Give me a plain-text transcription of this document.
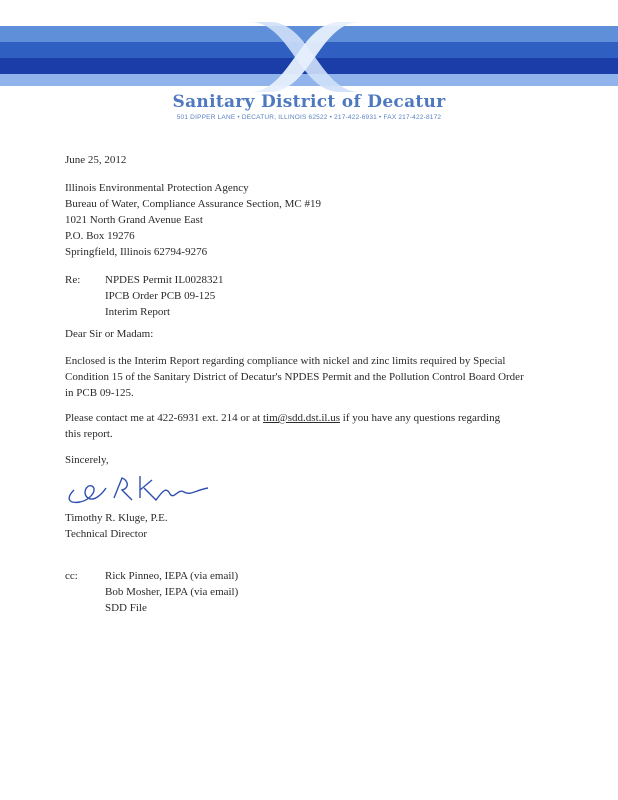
Sanitary District of Decatur
501 DIPPER LANE • DECATUR, ILLINOIS 62522 • 217-422-6931 • FAX 217-422-8172
June 25, 2012
Illinois Environmental Protection Agency
Bureau of Water, Compliance Assurance Section, MC #19
1021 North Grand Avenue East
P.O. Box 19276
Springfield, Illinois 62794-9276
Re: NPDES Permit IL0028321
IPCB Order PCB 09-125
Interim Report
Dear Sir or Madam:
Enclosed is the Interim Report regarding compliance with nickel and zinc limits required by Special Condition 15 of the Sanitary District of Decatur's NPDES Permit and the Pollution Control Board Order in PCB 09-125.
Please contact me at 422-6931 ext. 214 or at tim@sdd.dst.il.us if you have any questions regarding this report.
Sincerely,
Timothy R. Kluge, P.E.
Technical Director
cc: Rick Pinneo, IEPA (via email)
Bob Mosher, IEPA (via email)
SDD File
